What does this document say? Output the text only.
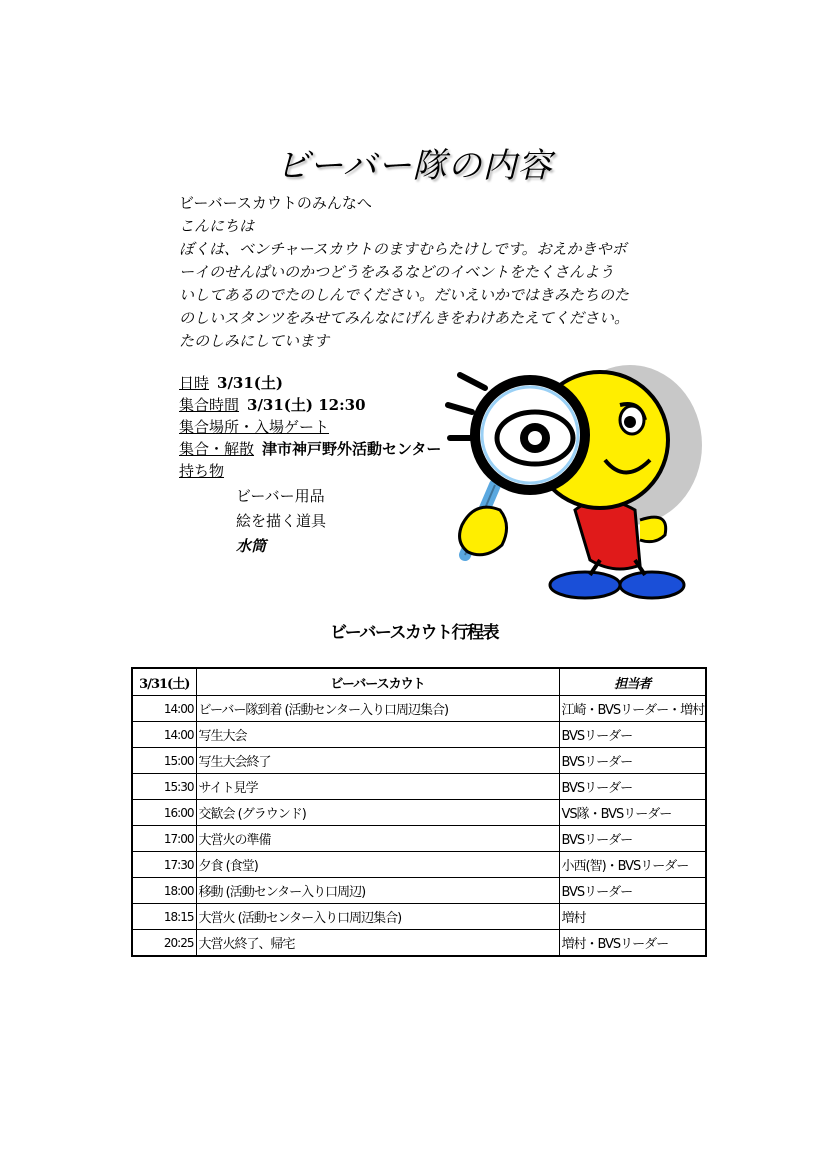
ビーバー隊の内容
ビーバースカウトのみんなへ
こんにちは
ぼくは、ベンチャースカウトのますむらたけしです。おえかきやボ
ーイのせんぱいのかつどうをみるなどのイベントをたくさんよう
いしてあるのでたのしんでください。だいえいかではきみたちのた
のしいスタンツをみせてみんなにげんきをわけあたえてください。
たのしみにしています
日時 3/31(土)
集合時間 3/31(土) 12:30
集合場所・入場ゲート
集合・解散 津市神戸野外活動センター
持ち物
ビーバー用品
絵を描く道具
水筒
ビーバースカウト行程表
3/31(土)	ビーバースカウト	担当者
14:00	ビーバー隊到着 (活動センター入り口周辺集合)	江崎・BVSリーダー・増村
14:00	写生大会	BVSリーダー
15:00	写生大会終了	BVSリーダー
15:30	サイト見学	BVSリーダー
16:00	交歓会 (グラウンド)	VS隊・BVSリーダー
17:00	大営火の準備	BVSリーダー
17:30	夕食 (食堂)	小西(智)・BVSリーダー
18:00	移動 (活動センター入り口周辺)	BVSリーダー
18:15	大営火 (活動センター入り口周辺集合)	増村
20:25	大営火終了、帰宅	増村・BVSリーダー
